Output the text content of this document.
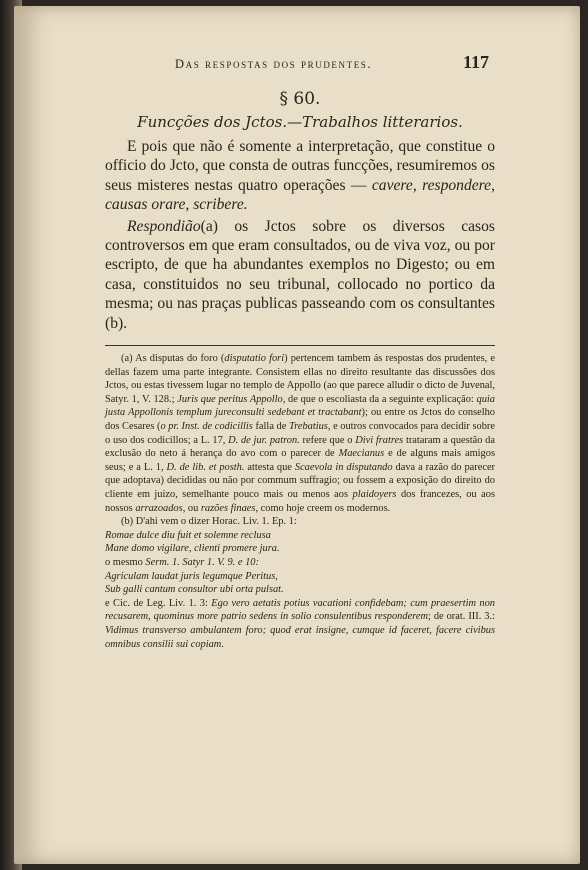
Das respostas dos prudentes.	117

§ 60.

Funcções dos Jctos.—Trabalhos litterarios.

E pois que não é somente a interpretação, que constitue o officio do Jcto, que consta de outras funcções, resumiremos os seus misteres nestas quatro operações — cavere, respondere, causas orare, scribere.

Respondião(a) os Jctos sobre os diversos casos controversos em que eram consultados, ou de viva voz, ou por escripto, de que ha abundantes exemplos no Digesto; ou em casa, constituidos no seu tribunal, collocado no portico da mesma; ou nas praças publicas passeando com os consultantes (b).

(a) As disputas do foro (disputatio fori) pertencem tambem ás respostas dos prudentes, e dellas fazem uma parte integrante. Consistem ellas no direito resultante das discussões dos Jctos, ou estas tivessem lugar no templo de Appollo (ao que parece alludir o dicto de Juvenal, Satyr. 1, V. 128.; Juris que peritus Appollo, de que o escoliasta da a seguinte explicação: quia justa Appollonis templum jureconsulti sedebant et tractabant); ou entre os Jctos do conselho dos Cesares (o pr. Inst. de codicillis falla de Trebatius, e outros convocados para decidir sobre o uso dos codicillos; a L. 17, D. de jur. patron. refere que o Divi fratres trataram a questão da exclusão do neto á herança do avo com o parecer de Maecianus e de alguns mais amigos seus; e a L. 1, D. de lib. et posth. attesta que Scaevola in disputando dava a razão do parecer que adoptava) decididas ou não por commum suffragio; ou fossem a exposição do direito do cliente em juizo, semelhante pouco mais ou menos aos plaidoyers dos francezes, ou aos nossos arrazoados, ou razões finaes, como hoje creem os modernos.

(b) D'ahi vem o dizer Horac. Liv. 1. Ep. 1:

Romae dulce diu fuit et solemne reclusa

Mane domo vigilare, clienti promere jura.

o mesmo Serm. 1. Satyr 1. V. 9. e 10:

Agriculam laudat juris legumque Peritus,

Sub galli cantum consultor ubi orta pulsat.

e Cic. de Leg. Liv. 1. 3: Ego vero aetatis potius vacationi confidebam; cum praesertim non recusarem, quominus more patrio sedens in solio consulentibus responderem; de orat. III. 3.: Vidimus transverso ambulantem foro; quod erat insigne, cumque id faceret, facere civibus omnibus consilii sui copiam.
